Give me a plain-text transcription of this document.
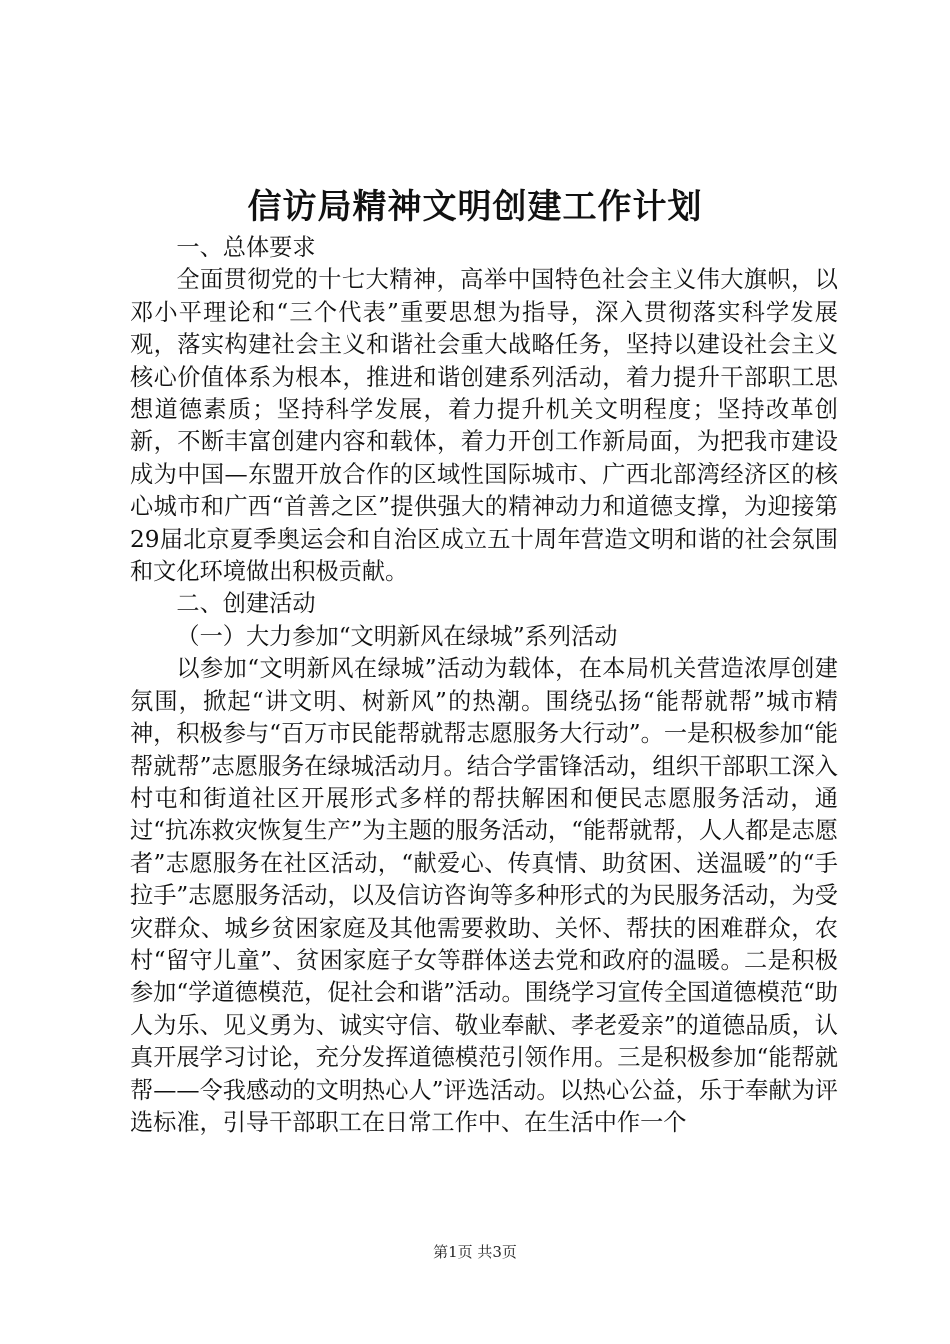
信访局精神文明创建工作计划

一、总体要求

全面贯彻党的十七大精神，高举中国特色社会主义伟大旗帜，以邓小平理论和“三个代表”重要思想为指导，深入贯彻落实科学发展观，落实构建社会主义和谐社会重大战略任务，坚持以建设社会主义核心价值体系为根本，推进和谐创建系列活动，着力提升干部职工思想道德素质；坚持科学发展，着力提升机关文明程度；坚持改革创新，不断丰富创建内容和载体，着力开创工作新局面，为把我市建设成为中国—东盟开放合作的区域性国际城市、广西北部湾经济区的核心城市和广西“首善之区”提供强大的精神动力和道德支撑，为迎接第29届北京夏季奥运会和自治区成立五十周年营造文明和谐的社会氛围和文化环境做出积极贡献。

二、创建活动

（一）大力参加“文明新风在绿城”系列活动

以参加“文明新风在绿城”活动为载体，在本局机关营造浓厚创建氛围，掀起“讲文明、树新风”的热潮。围绕弘扬“能帮就帮”城市精神，积极参与“百万市民能帮就帮志愿服务大行动”。一是积极参加“能帮就帮”志愿服务在绿城活动月。结合学雷锋活动，组织干部职工深入村屯和街道社区开展形式多样的帮扶解困和便民志愿服务活动，通过“抗冻救灾恢复生产”为主题的服务活动，“能帮就帮，人人都是志愿者”志愿服务在社区活动，“献爱心、传真情、助贫困、送温暖”的“手拉手”志愿服务活动，以及信访咨询等多种形式的为民服务活动，为受灾群众、城乡贫困家庭及其他需要救助、关怀、帮扶的困难群众，农村“留守儿童”、贫困家庭子女等群体送去党和政府的温暖。二是积极参加“学道德模范，促社会和谐”活动。围绕学习宣传全国道德模范“助人为乐、见义勇为、诚实守信、敬业奉献、孝老爱亲”的道德品质，认真开展学习讨论，充分发挥道德模范引领作用。三是积极参加“能帮就帮——令我感动的文明热心人”评选活动。以热心公益，乐于奉献为评选标准，引导干部职工在日常工作中、在生活中作一个

第1页 共3页
